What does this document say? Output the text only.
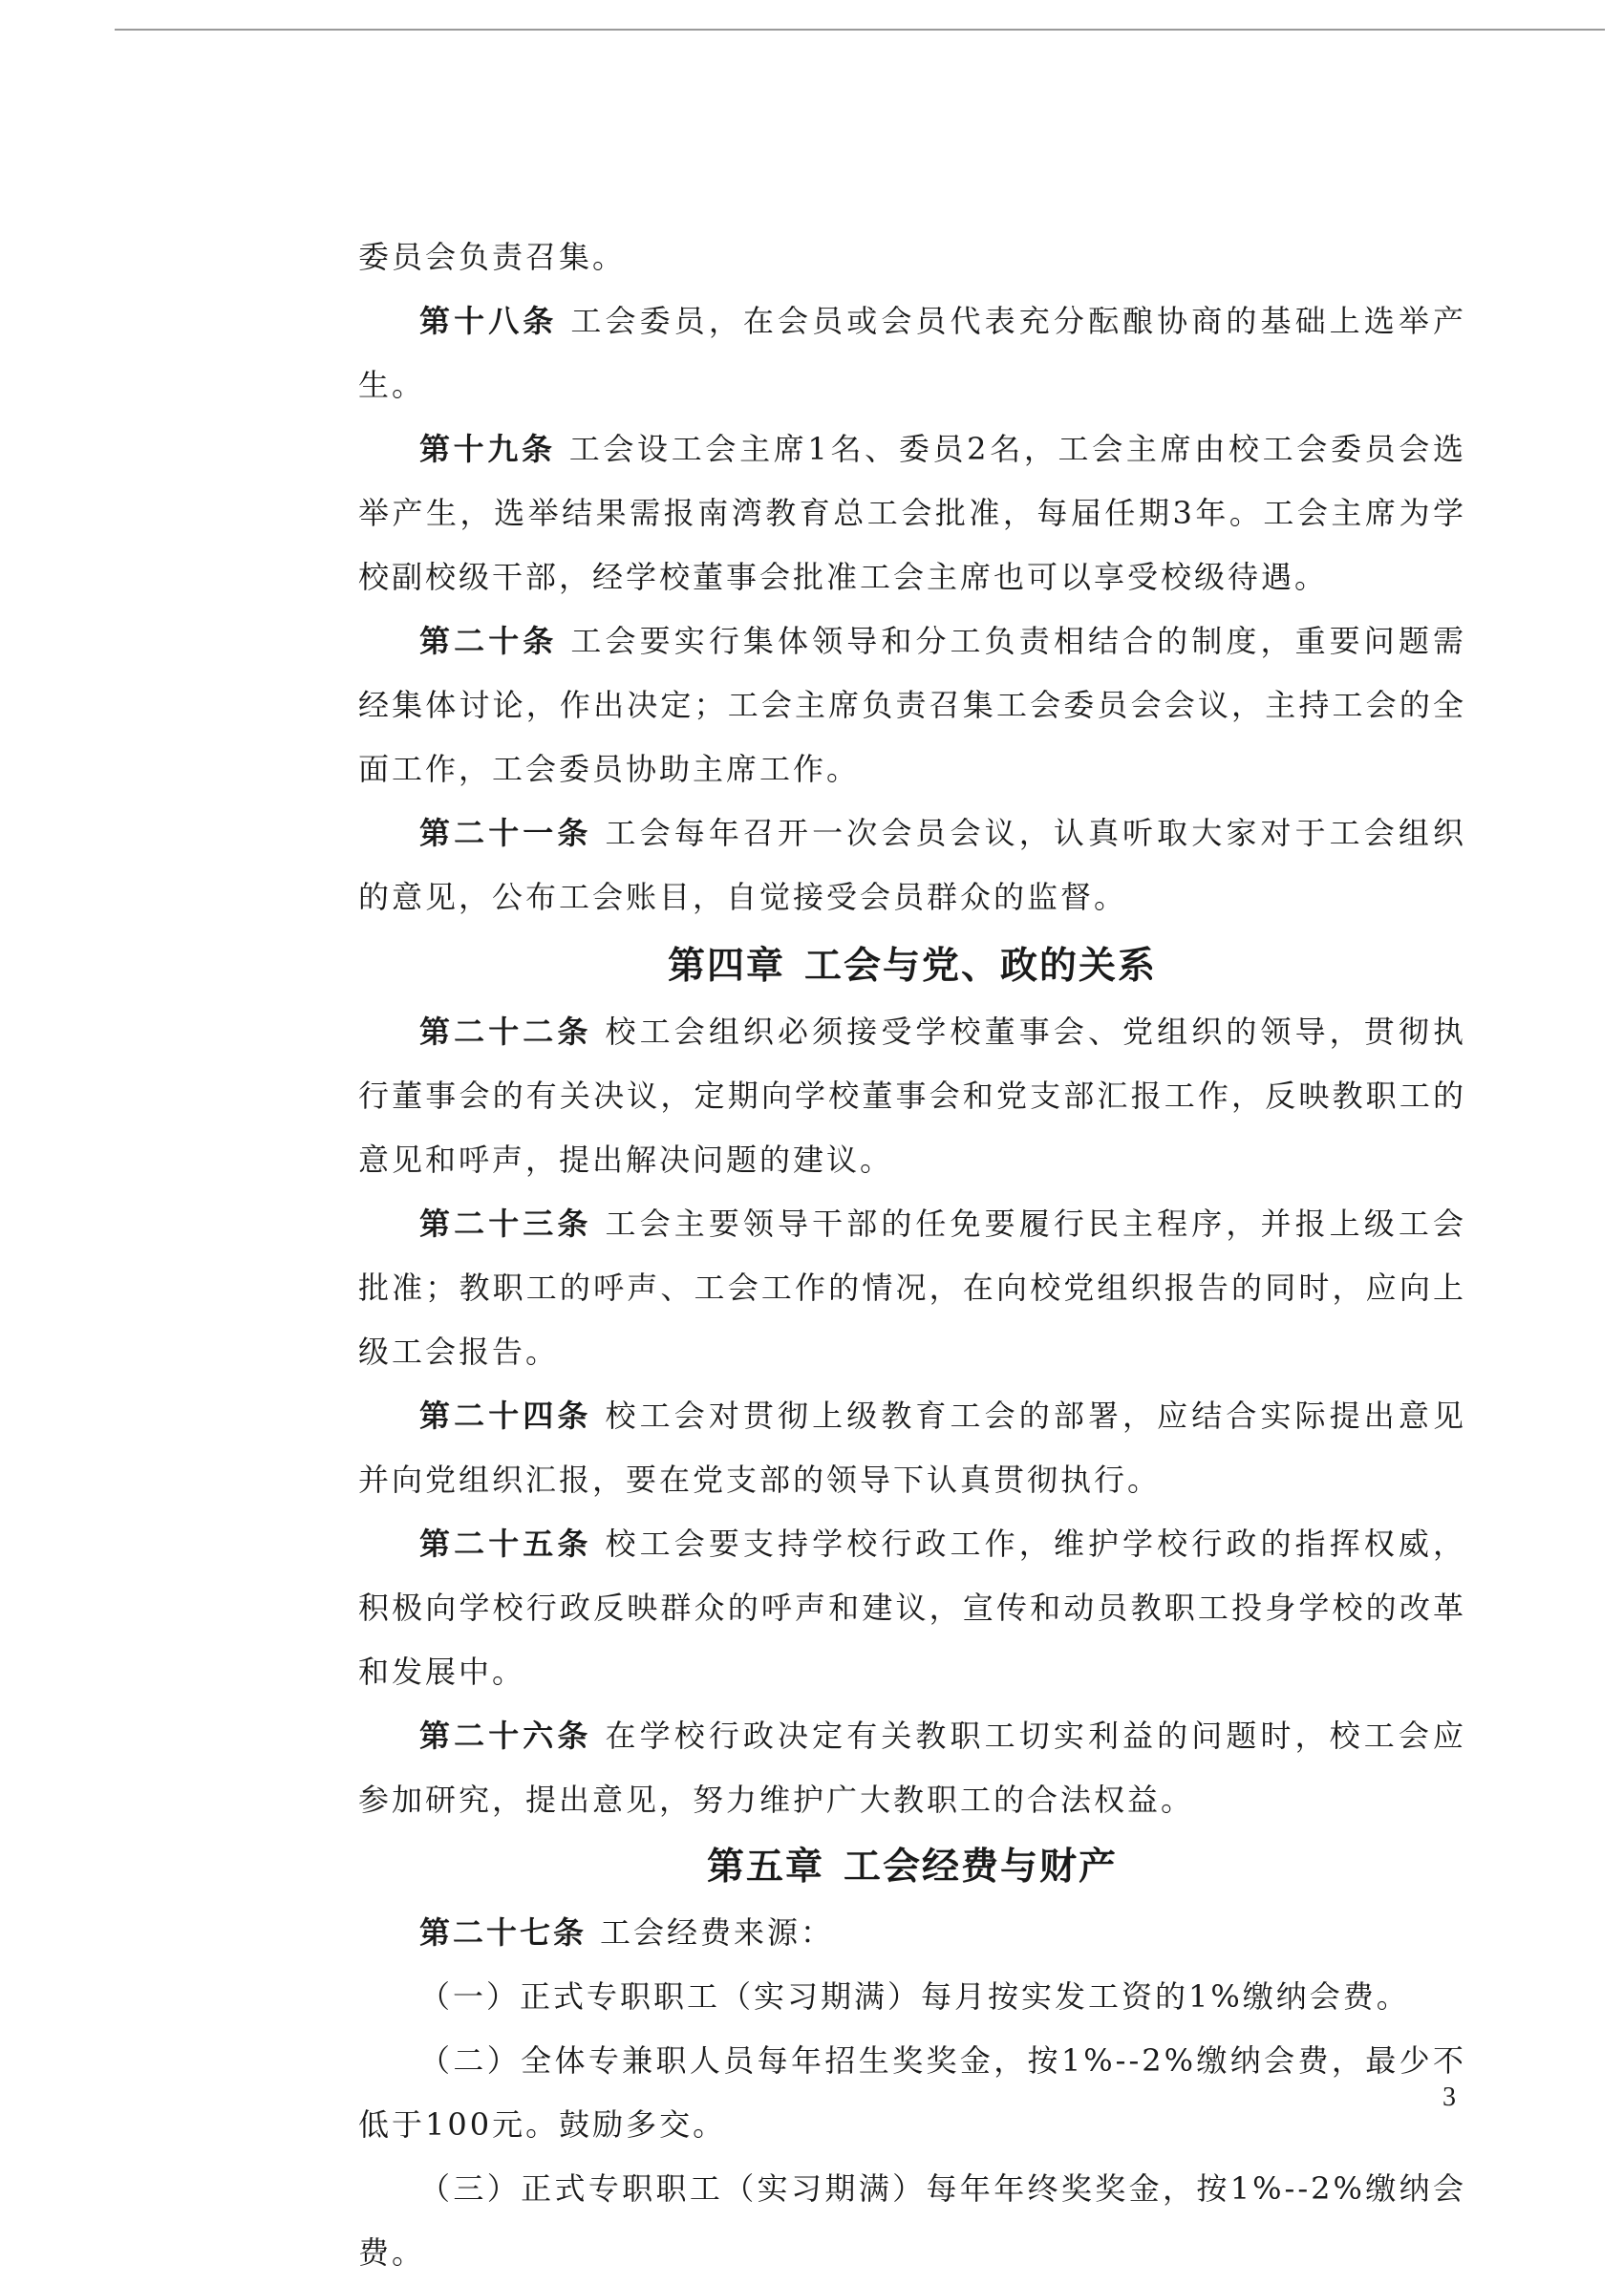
委员会负责召集。

第十八条 工会委员，在会员或会员代表充分酝酿协商的基础上选举产生。

第十九条 工会设工会主席1名、委员2名，工会主席由校工会委员会选举产生，选举结果需报南湾教育总工会批准，每届任期3年。工会主席为学校副校级干部，经学校董事会批准工会主席也可以享受校级待遇。

第二十条 工会要实行集体领导和分工负责相结合的制度，重要问题需经集体讨论，作出决定；工会主席负责召集工会委员会会议，主持工会的全面工作，工会委员协助主席工作。

第二十一条 工会每年召开一次会员会议，认真听取大家对于工会组织的意见，公布工会账目，自觉接受会员群众的监督。

第四章 工会与党、政的关系

第二十二条 校工会组织必须接受学校董事会、党组织的领导，贯彻执行董事会的有关决议，定期向学校董事会和党支部汇报工作，反映教职工的意见和呼声，提出解决问题的建议。

第二十三条 工会主要领导干部的任免要履行民主程序，并报上级工会批准；教职工的呼声、工会工作的情况，在向校党组织报告的同时，应向上级工会报告。

第二十四条 校工会对贯彻上级教育工会的部署，应结合实际提出意见并向党组织汇报，要在党支部的领导下认真贯彻执行。

第二十五条 校工会要支持学校行政工作，维护学校行政的指挥权威，积极向学校行政反映群众的呼声和建议，宣传和动员教职工投身学校的改革和发展中。

第二十六条 在学校行政决定有关教职工切实利益的问题时，校工会应参加研究，提出意见，努力维护广大教职工的合法权益。

第五章 工会经费与财产

第二十七条 工会经费来源：

（一）正式专职职工（实习期满）每月按实发工资的1%缴纳会费。

（二）全体专兼职人员每年招生奖奖金，按1%--2%缴纳会费，最少不低于100元。鼓励多交。

（三）正式专职职工（实习期满）每年年终奖奖金，按1%--2%缴纳会费。

3
